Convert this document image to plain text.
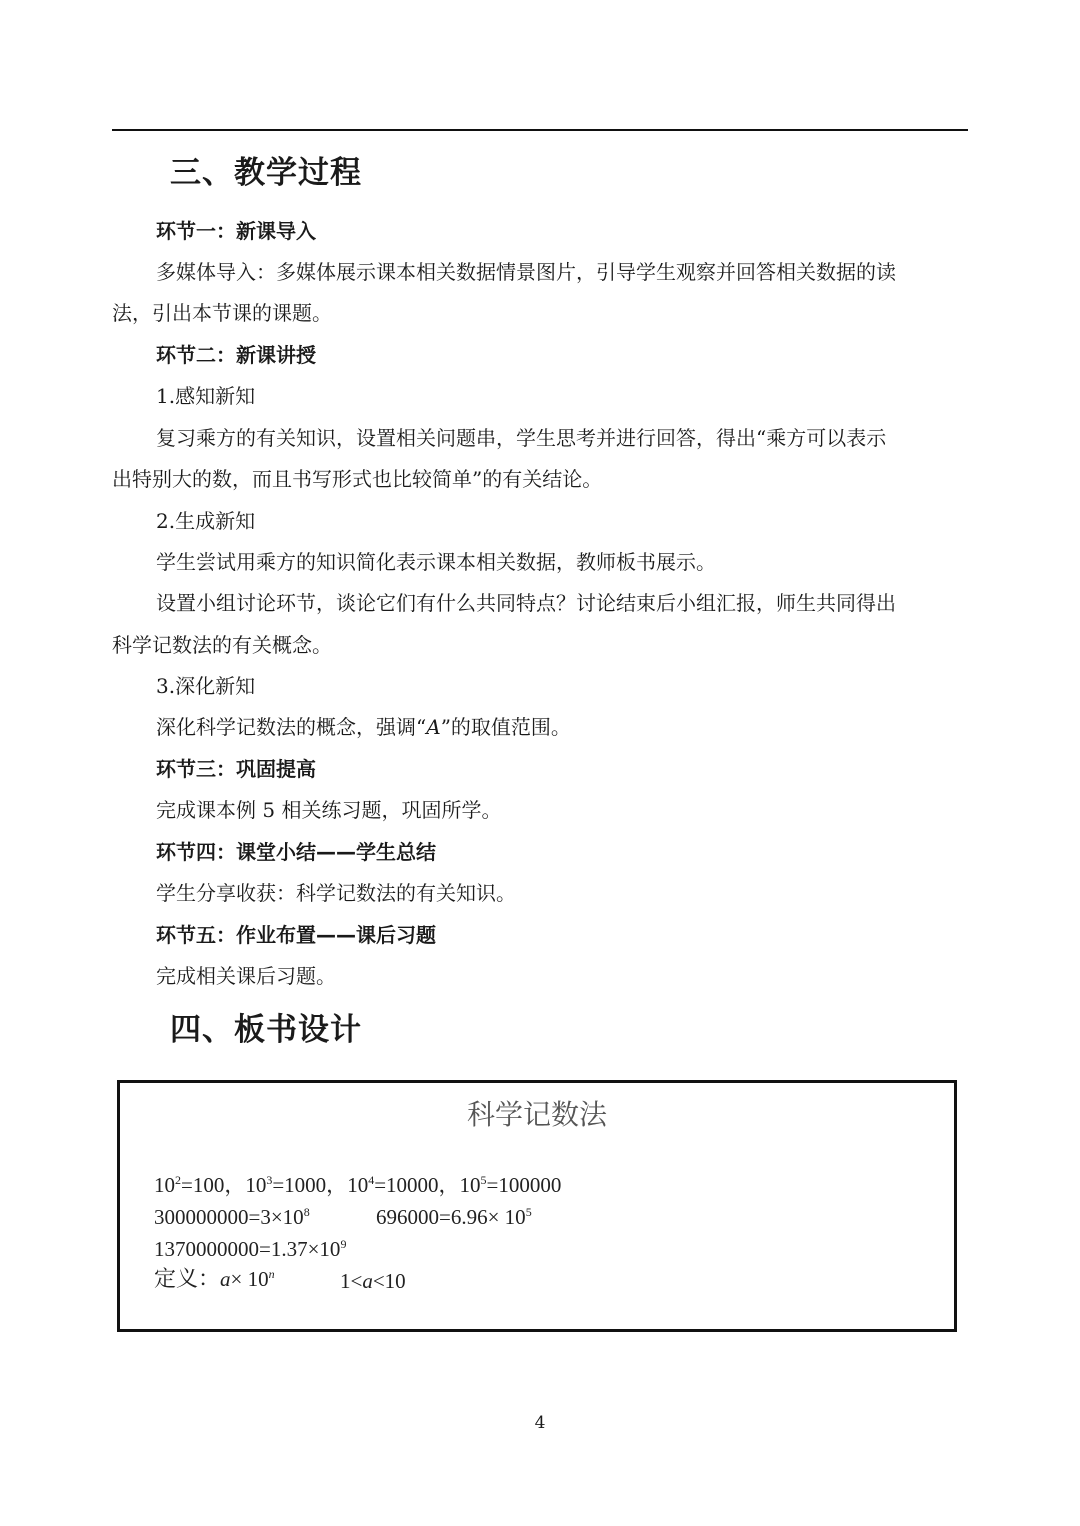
三、教学过程
环节一：新课导入
多媒体导入：多媒体展示课本相关数据情景图片，引导学生观察并回答相关数据的读
法，引出本节课的课题。
环节二：新课讲授
1.感知新知
复习乘方的有关知识，设置相关问题串，学生思考并进行回答，得出“乘方可以表示
出特别大的数，而且书写形式也比较简单”的有关结论。
2.生成新知
学生尝试用乘方的知识简化表示课本相关数据，教师板书展示。
设置小组讨论环节，谈论它们有什么共同特点？讨论结束后小组汇报，师生共同得出
科学记数法的有关概念。
3.深化新知
深化科学记数法的概念，强调“A”的取值范围。
环节三：巩固提高
完成课本例 5 相关练习题，巩固所学。
环节四：课堂小结——学生总结
学生分享收获：科学记数法的有关知识。
环节五：作业布置——课后习题
完成相关课后习题。
四、板书设计
科学记数法
$10^2=100$，$10^3=1000$，$10^4=10000$，$10^5=100000$
$300000000=3\times 10^8$	$696000=6.96\times 10^5$
$1370000000=1.37\times 10^9$
定义：$a\times 10^n$	1<a<10
4
